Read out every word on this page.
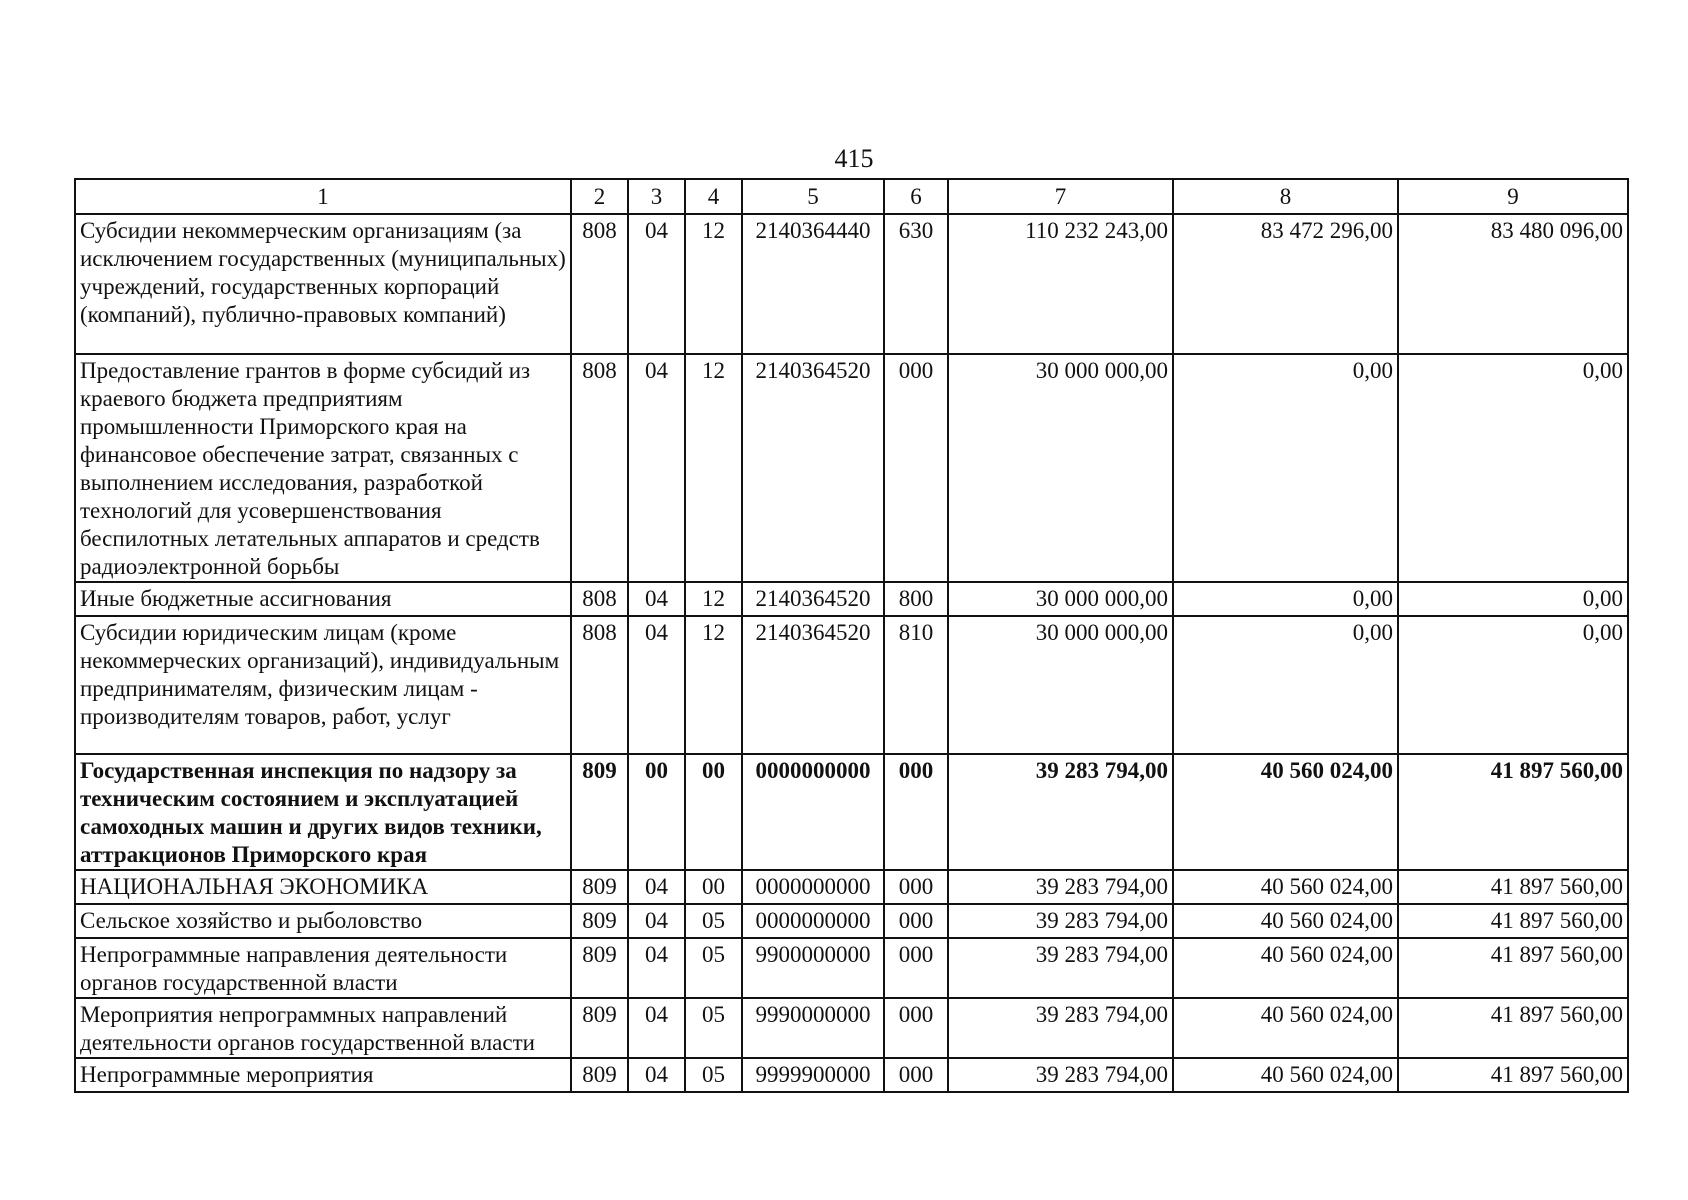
415
1	2	3	4	5	6	7	8	9
Субсидии некоммерческим организациям (за исключением государственных (муниципальных) учреждений, государственных корпораций (компаний), публично-правовых компаний)	808	04	12	2140364440	630	110 232 243,00	83 472 296,00	83 480 096,00
Предоставление грантов в форме субсидий из краевого бюджета предприятиям промышленности Приморского края на финансовое обеспечение затрат, связанных с выполнением исследования, разработкой технологий для усовершенствования беспилотных летательных аппаратов и средств радиоэлектронной борьбы	808	04	12	2140364520	000	30 000 000,00	0,00	0,00
Иные бюджетные ассигнования	808	04	12	2140364520	800	30 000 000,00	0,00	0,00
Субсидии юридическим лицам (кроме некоммерческих организаций), индивидуальным предпринимателям, физическим лицам - производителям товаров, работ, услуг	808	04	12	2140364520	810	30 000 000,00	0,00	0,00
Государственная инспекция по надзору за техническим состоянием и эксплуатацией самоходных машин и других видов техники, аттракционов Приморского края	809	00	00	0000000000	000	39 283 794,00	40 560 024,00	41 897 560,00
НАЦИОНАЛЬНАЯ ЭКОНОМИКА	809	04	00	0000000000	000	39 283 794,00	40 560 024,00	41 897 560,00
Сельское хозяйство и рыболовство	809	04	05	0000000000	000	39 283 794,00	40 560 024,00	41 897 560,00
Непрограммные направления деятельности органов государственной власти	809	04	05	9900000000	000	39 283 794,00	40 560 024,00	41 897 560,00
Мероприятия непрограммных направлений деятельности органов государственной власти	809	04	05	9990000000	000	39 283 794,00	40 560 024,00	41 897 560,00
Непрограммные мероприятия	809	04	05	9999900000	000	39 283 794,00	40 560 024,00	41 897 560,00
